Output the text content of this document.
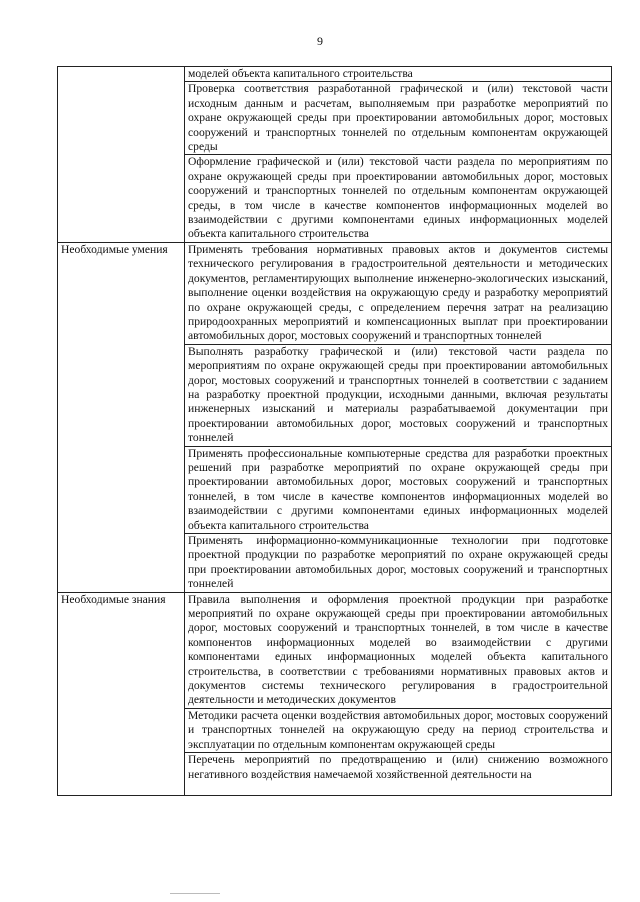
9
	моделей объекта капитального строительства
	Проверка соответствия разработанной графической и (или) текстовой части исходным данным и расчетам, выполняемым при разработке мероприятий по охране окружающей среды при проектировании автомобильных дорог, мостовых сооружений и транспортных тоннелей по отдельным компонентам окружающей среды
	Оформление графической и (или) текстовой части раздела по мероприятиям по охране окружающей среды при проектировании автомобильных дорог, мостовых сооружений и транспортных тоннелей по отдельным компонентам окружающей среды, в том числе в качестве компонентов информационных моделей во взаимодействии с другими компонентами единых информационных моделей объекта капитального строительства
Необходимые умения	Применять требования нормативных правовых актов и документов системы технического регулирования в градостроительной деятельности и методических документов, регламентирующих выполнение инженерно-экологических изысканий, выполнение оценки воздействия на окружающую среду и разработку мероприятий по охране окружающей среды, с определением перечня затрат на реализацию природоохранных мероприятий и компенсационных выплат при проектировании автомобильных дорог, мостовых сооружений и транспортных тоннелей
	Выполнять разработку графической и (или) текстовой части раздела по мероприятиям по охране окружающей среды при проектировании автомобильных дорог, мостовых сооружений и транспортных тоннелей в соответствии с заданием на разработку проектной продукции, исходными данными, включая результаты инженерных изысканий и материалы разрабатываемой документации при проектировании автомобильных дорог, мостовых сооружений и транспортных тоннелей
	Применять профессиональные компьютерные средства для разработки проектных решений при разработке мероприятий по охране окружающей среды при проектировании автомобильных дорог, мостовых сооружений и транспортных тоннелей, в том числе в качестве компонентов информационных моделей во взаимодействии с другими компонентами единых информационных моделей объекта капитального строительства
	Применять информационно-коммуникационные технологии при подготовке проектной продукции по разработке мероприятий по охране окружающей среды при проектировании автомобильных дорог, мостовых сооружений и транспортных тоннелей
Необходимые знания	Правила выполнения и оформления проектной продукции при разработке мероприятий по охране окружающей среды при проектировании автомобильных дорог, мостовых сооружений и транспортных тоннелей, в том числе в качестве компонентов информационных моделей во взаимодействии с другими компонентами единых информационных моделей объекта капитального строительства, в соответствии с требованиями нормативных правовых актов и документов системы технического регулирования в градостроительной деятельности и методических документов
	Методики расчета оценки воздействия автомобильных дорог, мостовых сооружений и транспортных тоннелей на окружающую среду на период строительства и эксплуатации по отдельным компонентам окружающей среды

	Перечень мероприятий по предотвращению и (или) снижению возможного негативного воздействия намечаемой хозяйственной деятельности на
